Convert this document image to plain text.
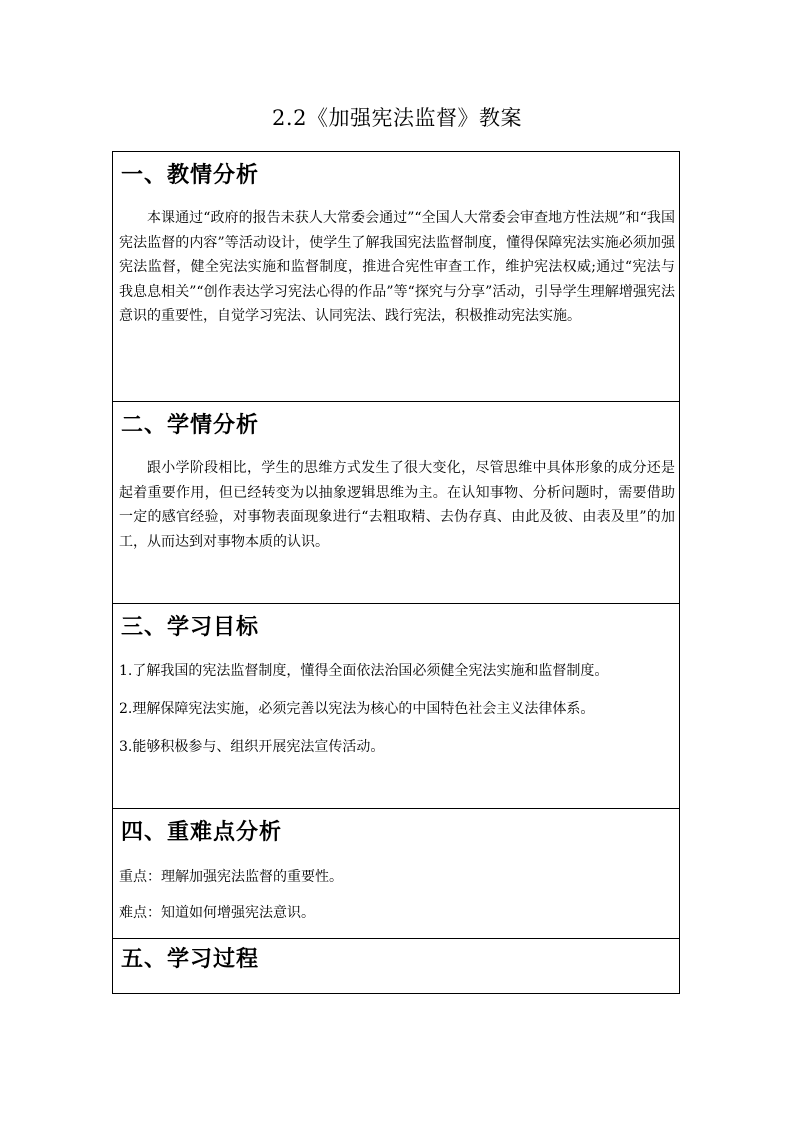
2.2《加强宪法监督》教案
一、教情分析
本课通过“政府的报告未获人大常委会通过”“全国人大常委会审查地方性法规”和“我国宪法监督的内容”等活动设计，使学生了解我国宪法监督制度，懂得保障宪法实施必须加强宪法监督，健全宪法实施和监督制度，推进合宪性审查工作，维护宪法权威;通过“宪法与我息息相关”“创作表达学习宪法心得的作品”等“探究与分享”活动，引导学生理解增强宪法意识的重要性，自觉学习宪法、认同宪法、践行宪法，积极推动宪法实施。
二、学情分析
跟小学阶段相比，学生的思维方式发生了很大变化，尽管思维中具体形象的成分还是起着重要作用，但已经转变为以抽象逻辑思维为主。在认知事物、分析问题时，需要借助一定的感官经验，对事物表面现象进行“去粗取精、去伪存真、由此及彼、由表及里”的加工，从而达到对事物本质的认识。
三、学习目标
1.了解我国的宪法监督制度，懂得全面依法治国必须健全宪法实施和监督制度。
2.理解保障宪法实施，必须完善以宪法为核心的中国特色社会主义法律体系。
3.能够积极参与、组织开展宪法宣传活动。
四、重难点分析
重点：理解加强宪法监督的重要性。
难点：知道如何增强宪法意识。
五、学习过程
